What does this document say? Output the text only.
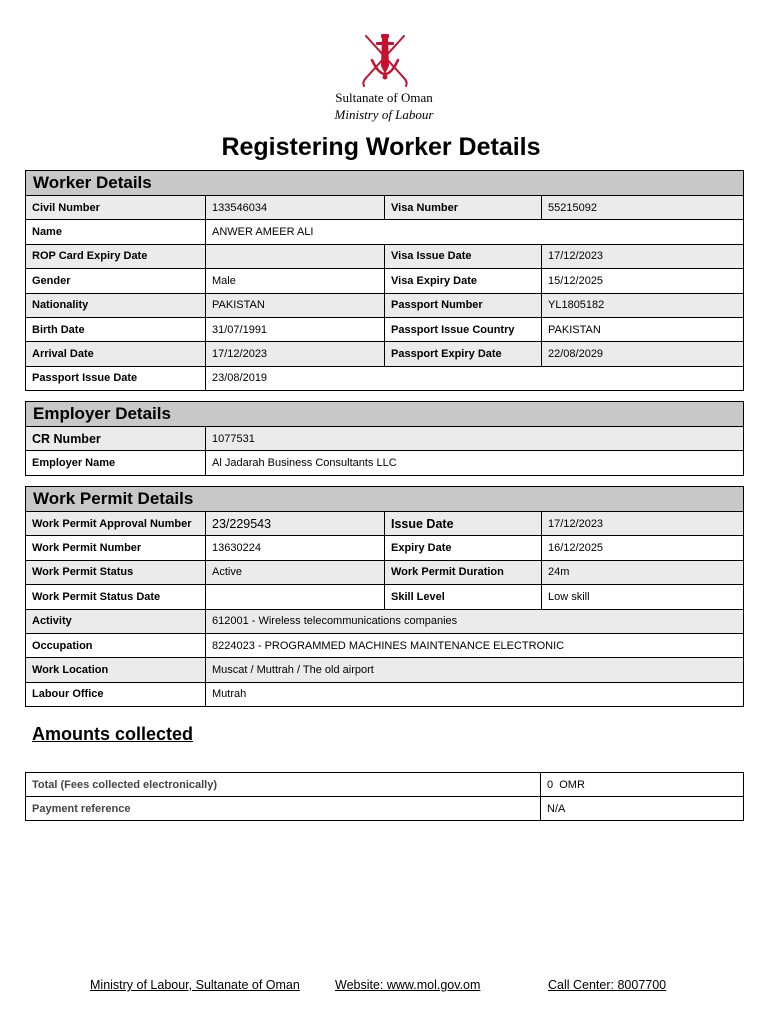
Sultanate of Oman
Ministry of Labour
Registering Worker Details
Worker Details			
Civil Number	133546034	Visa Number	55215092
Name	ANWER AMEER ALI		
ROP Card Expiry Date		Visa Issue Date	17/12/2023
Gender	Male	Visa Expiry Date	15/12/2025
Nationality	PAKISTAN	Passport Number	YL1805182
Birth Date	31/07/1991	Passport Issue Country	PAKISTAN
Arrival Date	17/12/2023	Passport Expiry Date	22/08/2029
Passport Issue Date	23/08/2019		
Employer Details	
CR Number	1077531
Employer Name	Al Jadarah Business Consultants LLC
Work Permit Details			
Work Permit Approval Number	23/229543	Issue Date	17/12/2023
Work Permit Number	13630224	Expiry Date	16/12/2025
Work Permit Status	Active	Work Permit Duration	24m
Work Permit Status Date		Skill Level	Low skill
Activity	612001 - Wireless telecommunications companies		
Occupation	8224023 - PROGRAMMED MACHINES MAINTENANCE ELECTRONIC		
Work Location	Muscat / Muttrah / The old airport		
Labour Office	Mutrah		
Amounts collected
Total (Fees collected electronically)	0  OMR
Payment reference	N/A
Ministry of Labour, Sultanate of Oman	Website: www.mol.gov.om	Call Center: 8007700
